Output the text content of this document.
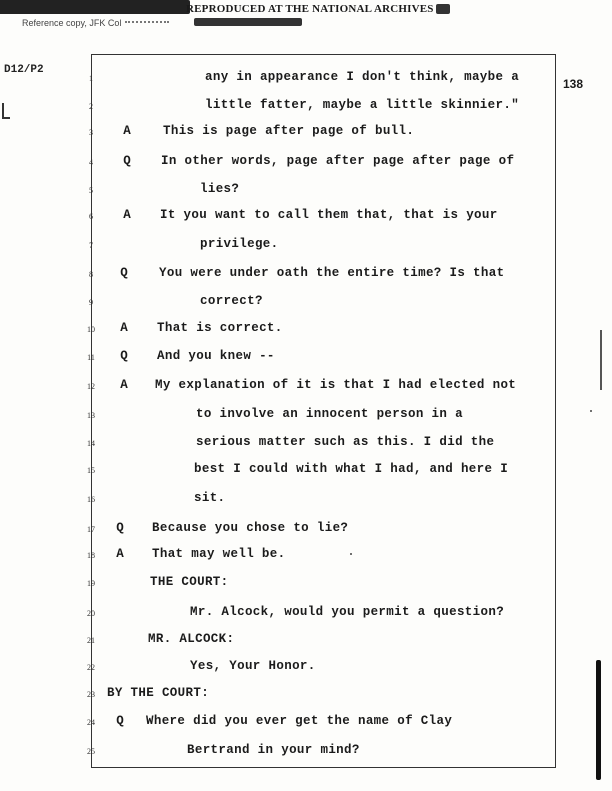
REPRODUCED AT THE NATIONAL ARCHIVES
Reference copy, JFK Col
D12/P2
138
1	any in appearance I don't think, maybe a
2	little fatter, maybe a little skinnier."
3	A	This is page after page of bull.
4	Q In other words, page after page after page of
5	lies?
6	A It you want to call them that, that is your
7	privilege.
8	Q	You were under oath the entire time? Is that
9	correct?
10	A That is correct.
11	Q And you knew --
12	A My explanation of it is that I had elected not
13	to involve an innocent person in a
14	serious matter such as this. I did the
15	best I could with what I had, and here I
16	sit.
17	Q Because you chose to lie?
18	A That may well be.
19	THE COURT:
20	Mr. Alcock, would you permit a question?
21	MR. ALCOCK:
22	Yes, Your Honor.
23 BY THE COURT:
24	Q Where did you ever get the name of Clay
25	Bertrand in your mind?
